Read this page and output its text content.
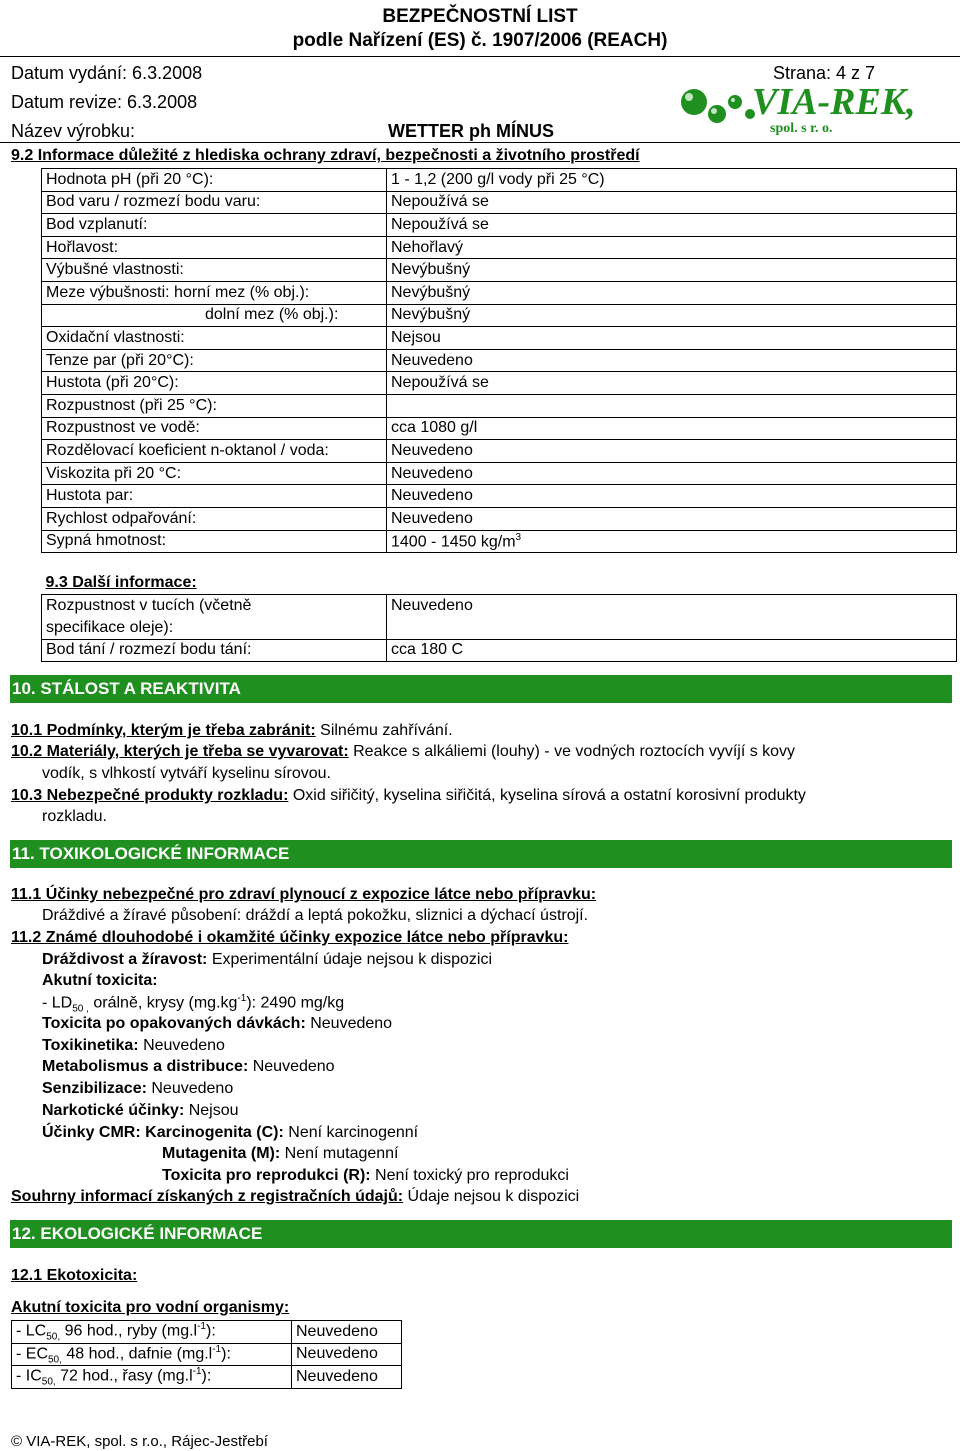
BEZPEČNOSTNÍ LIST
podle Nařízení (ES) č. 1907/2006 (REACH)
Datum vydání: 6.3.2008	Strana: 4 z 7
Datum revize: 6.3.2008
Název výrobku:	WETTER ph MÍNUS
VIA-REK,
spol. s r. o.
9.2 Informace důležité z hlediska ochrany zdraví, bezpečnosti a životního prostředí
Hodnota pH (při 20 °C):	1 - 1,2 (200 g/l vody při 25 °C)
Bod varu / rozmezí bodu varu:	Nepoužívá se
Bod vzplanutí:	Nepoužívá se
Hořlavost:	Nehořlavý
Výbušné vlastnosti:	Nevýbušný
Meze výbušnosti: horní mez (% obj.):	Nevýbušný
dolní mez (% obj.):	Nevýbušný
Oxidační vlastnosti:	Nejsou
Tenze par (při 20°C):	Neuvedeno
Hustota (při 20°C):	Nepoužívá se
Rozpustnost (při 25 °C):	
Rozpustnost ve vodě:	cca 1080 g/l
Rozdělovací koeficient n-oktanol / voda:	Neuvedeno
Viskozita při 20 °C:	Neuvedeno
Hustota par:	Neuvedeno
Rychlost odpařování:	Neuvedeno
Sypná hmotnost:	1400 - 1450 $kg/m^3$
9.3 Další informace:	
Rozpustnost v tucích (včetně
specifikace oleje):	Neuvedeno
Bod tání / rozmezí bodu tání:	cca 180 C
10. STÁLOST A REAKTIVITA
10.1 Podmínky, kterým je třeba zabránit: Silnému zahřívání.
10.2 Materiály, kterých je třeba se vyvarovat: Reakce s alkáliemi (louhy) - ve vodných roztocích vyvíjí s kovy
vodík, s vlhkostí vytváří kyselinu sírovou.
10.3 Nebezpečné produkty rozkladu: Oxid siřičitý, kyselina siřičitá, kyselina sírová a ostatní korosivní produkty
rozkladu.
11. TOXIKOLOGICKÉ INFORMACE
11.1 Účinky nebezpečné pro zdraví plynoucí z expozice látce nebo přípravku:
Dráždivé a žíravé působení: dráždí a leptá pokožku, sliznici a dýchací ústrojí.
11.2 Známé dlouhodobé i okamžité účinky expozice látce nebo přípravku:
Dráždivost a žíravost: Experimentální údaje nejsou k dispozici
Akutní toxicita:
- $LD_{50 ,}$ orálně, krysy $(mg.kg^{-1})$: 2490 mg/kg
Toxicita po opakovaných dávkách: Neuvedeno
Toxikinetika: Neuvedeno
Metabolismus a distribuce: Neuvedeno
Senzibilizace: Neuvedeno
Narkotické účinky: Nejsou
Účinky CMR: Karcinogenita (C): Není karcinogenní
Mutagenita (M): Není mutagenní
Toxicita pro reprodukci (R): Není toxický pro reprodukci
Souhrny informací získaných z registračních údajů: Údaje nejsou k dispozici
12. EKOLOGICKÉ INFORMACE
12.1 Ekotoxicita:
Akutní toxicita pro vodní organismy:
- $LC_{50,}$ 96 hod., ryby $(mg.l^{-1})$:	Neuvedeno
- $EC_{50,}$ 48 hod., dafnie $(mg.l^{-1})$:	Neuvedeno
- $IC_{50,}$ 72 hod., řasy $(mg.l^{-1})$:	Neuvedeno
© VIA-REK, spol. s r.o., Rájec-Jestřebí
